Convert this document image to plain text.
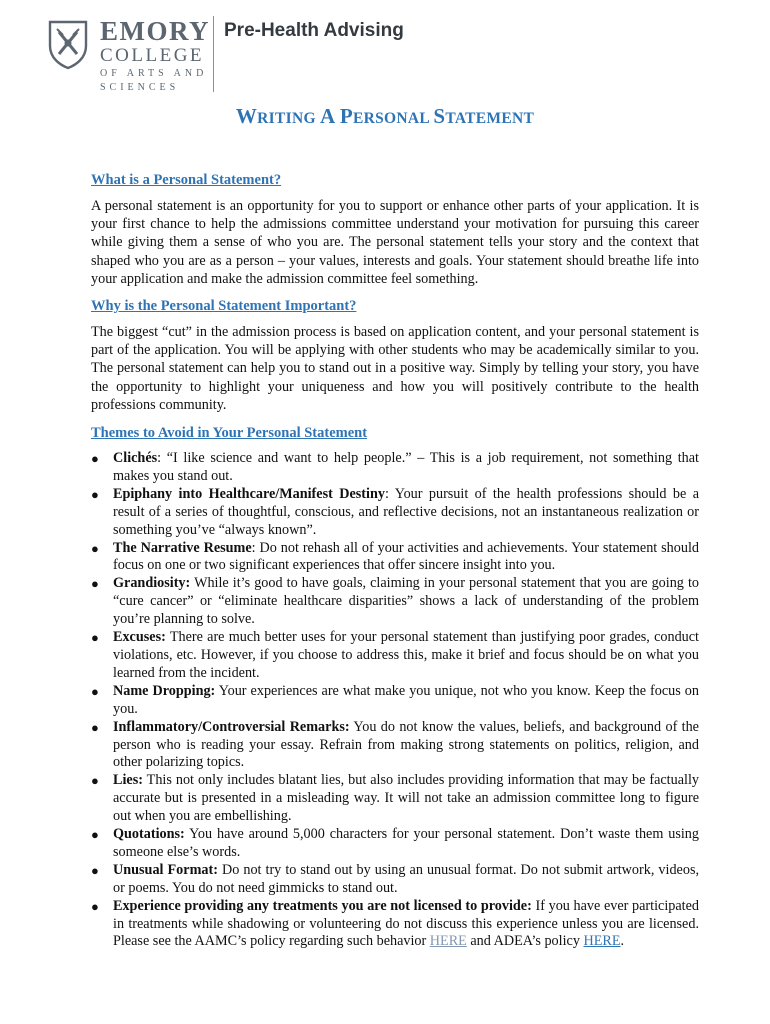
EMORY
COLLEGE
OF ARTS AND
SCIENCES
Pre-Health Advising
WRITING A PERSONAL STATEMENT
What is a Personal Statement?
A personal statement is an opportunity for you to support or enhance other parts of your application. It is your first chance to help the admissions committee understand your motivation for pursuing this career while giving them a sense of who you are. The personal statement tells your story and the context that shaped who you are as a person – your values, interests and goals. Your statement should breathe life into your application and make the admission committee feel something.
Why is the Personal Statement Important?
The biggest “cut” in the admission process is based on application content, and your personal statement is part of the application. You will be applying with other students who may be academically similar to you. The personal statement can help you to stand out in a positive way. Simply by telling your story, you have the opportunity to highlight your uniqueness and how you will positively contribute to the health professions community.
Themes to Avoid in Your Personal Statement
● Clichés: “I like science and want to help people.” – This is a job requirement, not something that makes you stand out.
● Epiphany into Healthcare/Manifest Destiny: Your pursuit of the health professions should be a result of a series of thoughtful, conscious, and reflective decisions, not an instantaneous realization or something you’ve “always known”.
● The Narrative Resume: Do not rehash all of your activities and achievements. Your statement should focus on one or two significant experiences that offer sincere insight into you.
● Grandiosity: While it’s good to have goals, claiming in your personal statement that you are going to “cure cancer” or “eliminate healthcare disparities” shows a lack of understanding of the problem you’re planning to solve.
● Excuses: There are much better uses for your personal statement than justifying poor grades, conduct violations, etc. However, if you choose to address this, make it brief and focus should be on what you learned from the incident.
● Name Dropping: Your experiences are what make you unique, not who you know. Keep the focus on you.
● Inflammatory/Controversial Remarks: You do not know the values, beliefs, and background of the person who is reading your essay. Refrain from making strong statements on politics, religion, and other polarizing topics.
● Lies: This not only includes blatant lies, but also includes providing information that may be factually accurate but is presented in a misleading way. It will not take an admission committee long to figure out when you are embellishing.
● Quotations: You have around 5,000 characters for your personal statement. Don’t waste them using someone else’s words.
● Unusual Format: Do not try to stand out by using an unusual format. Do not submit artwork, videos, or poems. You do not need gimmicks to stand out.
● Experience providing any treatments you are not licensed to provide: If you have ever participated in treatments while shadowing or volunteering do not discuss this experience unless you are licensed. Please see the AAMC’s policy regarding such behavior HERE and ADEA’s policy HERE.
